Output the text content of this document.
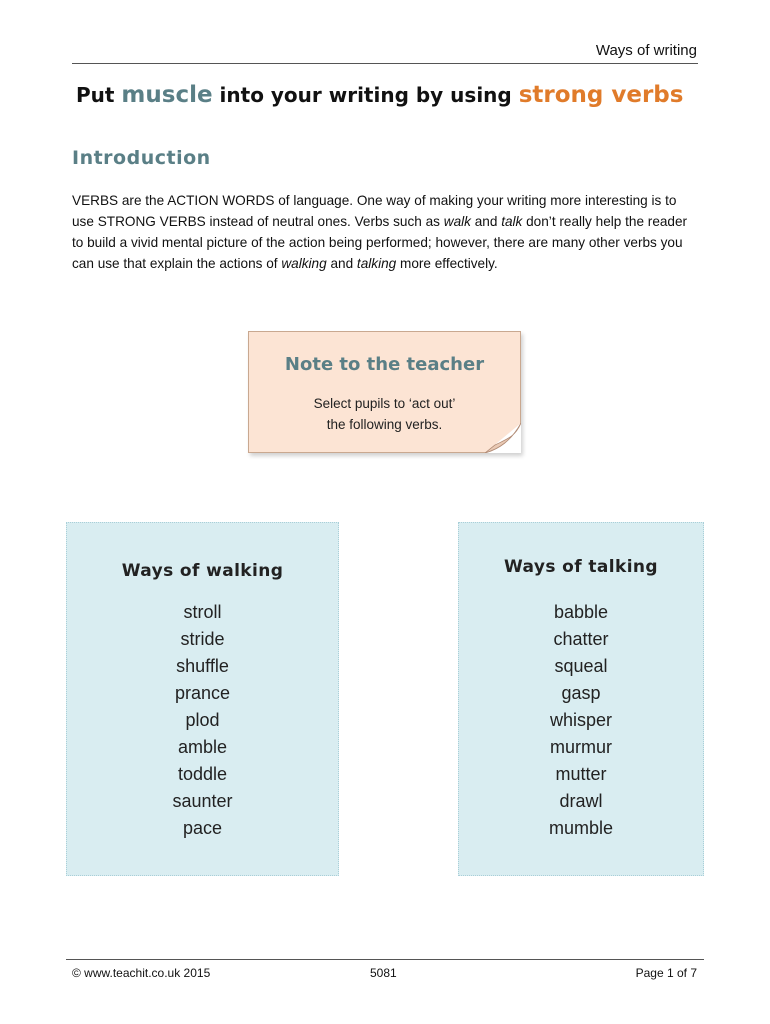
Ways of writing
Put muscle into your writing by using strong verbs
Introduction

VERBS are the ACTION WORDS of language. One way of making your writing more interesting is to use STRONG VERBS instead of neutral ones. Verbs such as walk and talk don’t really help the reader to build a vivid mental picture of the action being performed; however, there are many other verbs you can use that explain the actions of walking and talking more effectively.

Note to the teacher
Select pupils to ‘act out’
the following verbs.
Ways of walking
stroll
stride
shuffle
prance
plod
amble
toddle
saunter
pace
Ways of talking
babble
chatter
squeal
gasp
whisper
murmur
mutter
drawl
mumble
© www.teachit.co.uk 2015	5081	Page 1 of 7
